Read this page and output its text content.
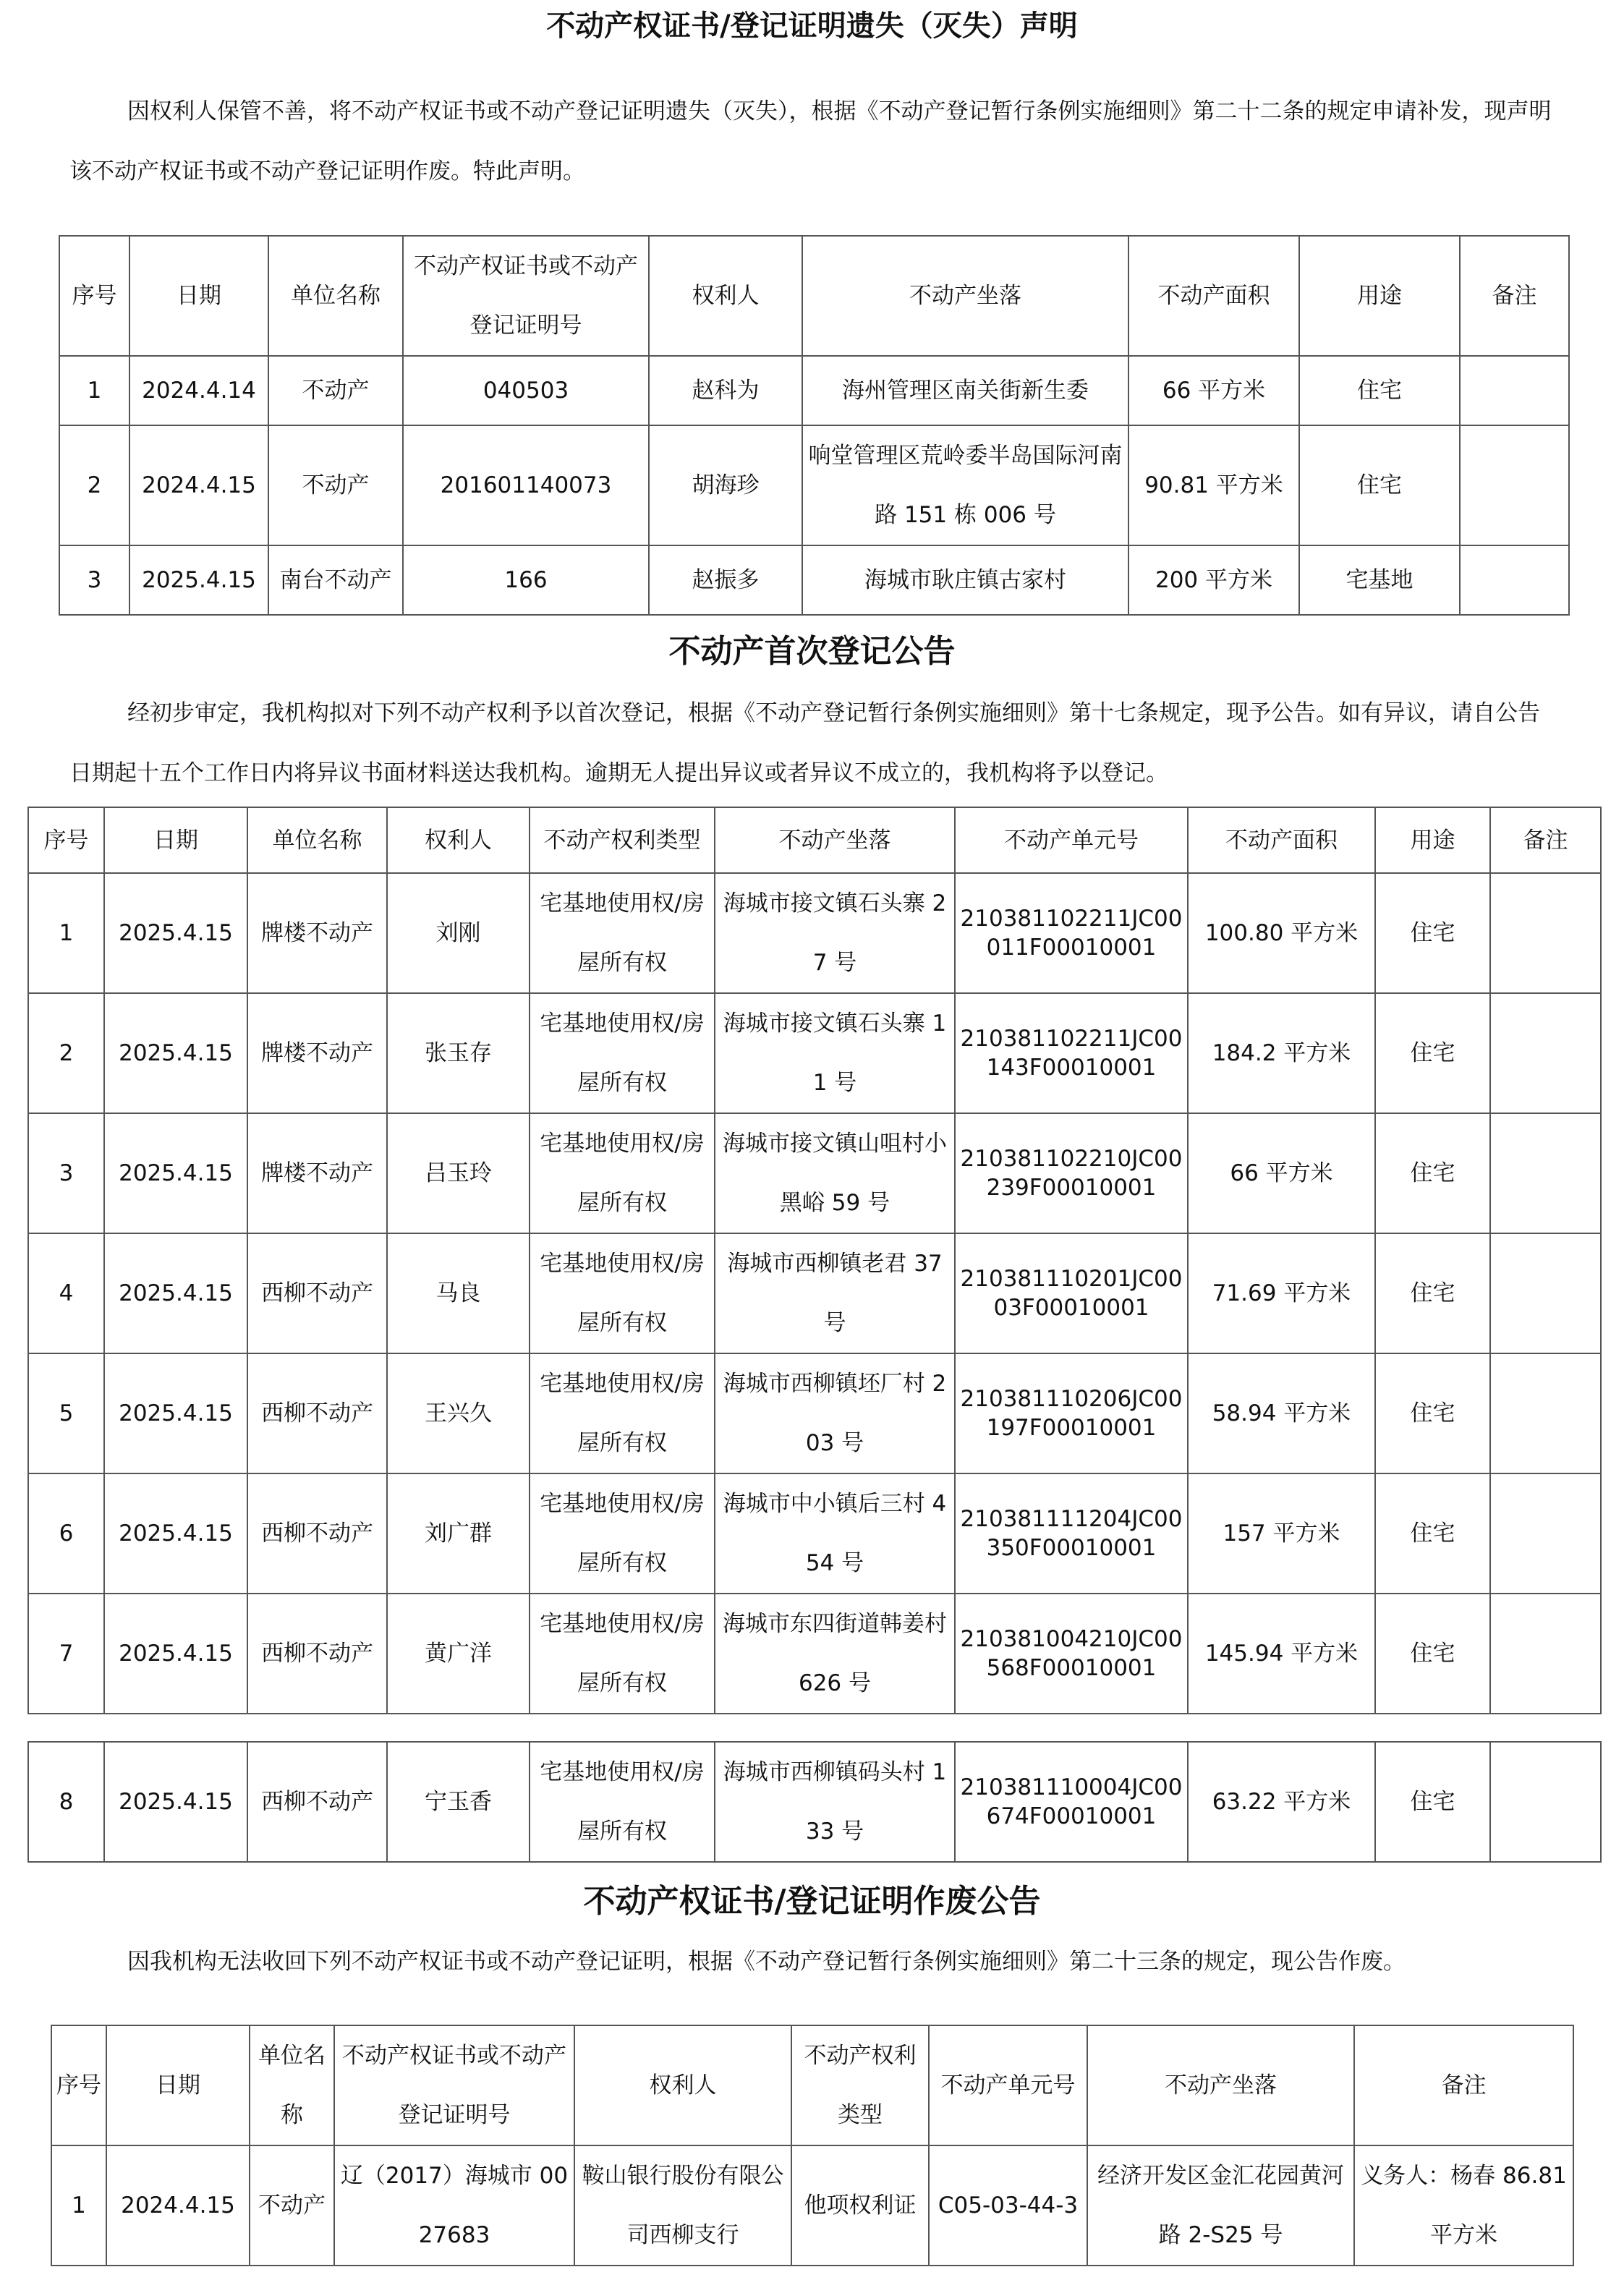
不动产权证书/登记证明遗失（灭失）声明

因权利人保管不善，将不动产权证书或不动产登记证明遗失（灭失），根据《不动产登记暂行条例实施细则》第二十二条的规定申请补发，现声明该不动产权证书或不动产登记证明作废。特此声明。

序号	日期	单位名称	不动产权证书或不动产登记证明号	权利人	不动产坐落	不动产面积	用途	备注
1	2024.4.14	不动产	040503	赵科为	海州管理区南关街新生委	66 平方米	住宅	
2	2024.4.15	不动产	201601140073	胡海珍	响堂管理区荒岭委半岛国际河南路 151 栋 006 号	90.81 平方米	住宅	
3	2025.4.15	南台不动产	166	赵振多	海城市耿庄镇古家村	200 平方米	宅基地	
不动产首次登记公告

经初步审定，我机构拟对下列不动产权利予以首次登记，根据《不动产登记暂行条例实施细则》第十七条规定，现予公告。如有异议，请自公告日期起十五个工作日内将异议书面材料送达我机构。逾期无人提出异议或者异议不成立的，我机构将予以登记。

序号	日期	单位名称	权利人	不动产权利类型	不动产坐落	不动产单元号	不动产面积	用途	备注
1	2025.4.15	牌楼不动产	刘刚	宅基地使用权/房屋所有权	海城市接文镇石头寨 27 号	210381102211JC00011F00010001	100.80 平方米	住宅	
2	2025.4.15	牌楼不动产	张玉存	宅基地使用权/房屋所有权	海城市接文镇石头寨 11 号	210381102211JC00143F00010001	184.2 平方米	住宅	
3	2025.4.15	牌楼不动产	吕玉玲	宅基地使用权/房屋所有权	海城市接文镇山咀村小黑峪 59 号	210381102210JC00239F00010001	66 平方米	住宅	
4	2025.4.15	西柳不动产	马良	宅基地使用权/房屋所有权	海城市西柳镇老君 37 号	210381110201JC0003F00010001	71.69 平方米	住宅	
5	2025.4.15	西柳不动产	王兴久	宅基地使用权/房屋所有权	海城市西柳镇坯厂村 203 号	210381110206JC00197F00010001	58.94 平方米	住宅	
6	2025.4.15	西柳不动产	刘广群	宅基地使用权/房屋所有权	海城市中小镇后三村 454 号	210381111204JC00350F00010001	157 平方米	住宅	
7	2025.4.15	西柳不动产	黄广洋	宅基地使用权/房屋所有权	海城市东四街道韩姜村 626 号	210381004210JC00568F00010001	145.94 平方米	住宅	
8	2025.4.15	西柳不动产	宁玉香	宅基地使用权/房屋所有权	海城市西柳镇码头村 133 号	210381110004JC00674F00010001	63.22 平方米	住宅	
不动产权证书/登记证明作废公告

因我机构无法收回下列不动产权证书或不动产登记证明，根据《不动产登记暂行条例实施细则》第二十三条的规定，现公告作废。

序号	日期	单位名称	不动产权证书或不动产登记证明号	权利人	不动产权利类型	不动产单元号	不动产坐落	备注
1	2024.4.15	不动产	辽（2017）海城市 0027683	鞍山银行股份有限公司西柳支行	他项权利证	C05-03-44-3	经济开发区金汇花园黄河路 2-S25 号	义务人：杨春 86.81 平方米
